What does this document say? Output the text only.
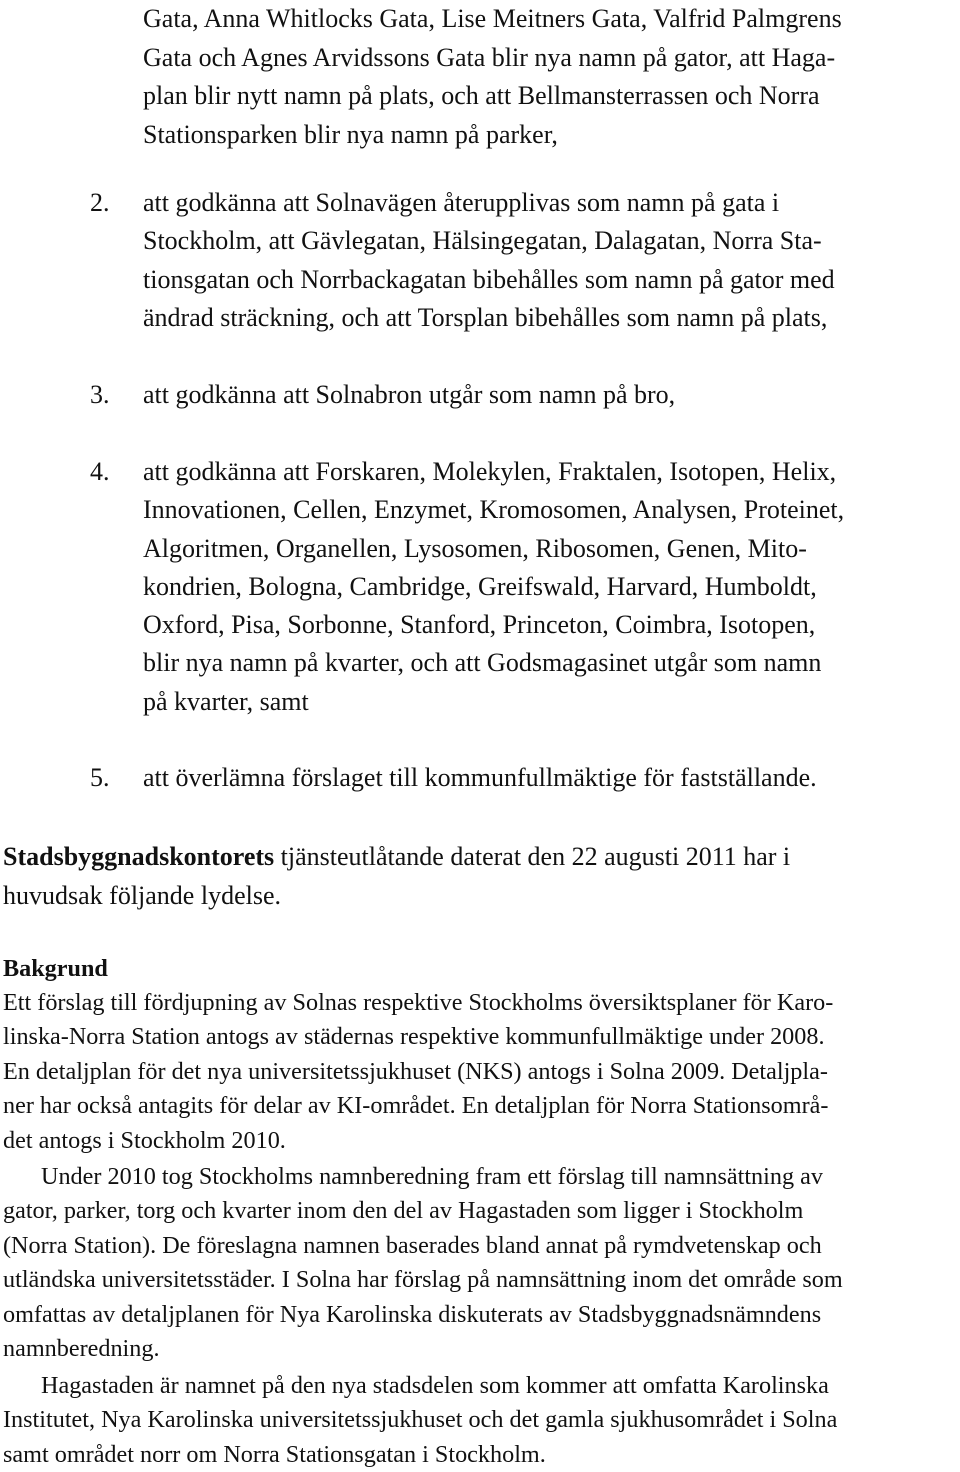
Gata, Anna Whitlocks Gata, Lise Meitners Gata, Valfrid Palmgrens
Gata och Agnes Arvidssons Gata blir nya namn på gator, att Haga-
plan blir nytt namn på plats, och att Bellmansterrassen och Norra
Stationsparken blir nya namn på parker,
2.	att godkänna att Solnavägen återupplivas som namn på gata i
Stockholm, att Gävlegatan, Hälsingegatan, Dalagatan, Norra Sta-
tionsgatan och Norrbackagatan bibehålles som namn på gator med
ändrad sträckning, och att Torsplan bibehålles som namn på plats,
3.	att godkänna att Solnabron utgår som namn på bro,
4.	att godkänna att Forskaren, Molekylen, Fraktalen, Isotopen, Helix,
Innovationen, Cellen, Enzymet, Kromosomen, Analysen, Proteinet,
Algoritmen, Organellen, Lysosomen, Ribosomen, Genen, Mito-
kondrien, Bologna, Cambridge, Greifswald, Harvard, Humboldt,
Oxford, Pisa, Sorbonne, Stanford, Princeton, Coimbra, Isotopen,
blir nya namn på kvarter, och att Godsmagasinet utgår som namn
på kvarter, samt
5.	att överlämna förslaget till kommunfullmäktige för fastställande.
Stadsbyggnadskontorets tjänsteutlåtande daterat den 22 augusti 2011 har i
huvudsak följande lydelse.
Bakgrund
Ett förslag till fördjupning av Solnas respektive Stockholms översiktsplaner för Karo-
linska-Norra Station antogs av städernas respektive kommunfullmäktige under 2008.
En detaljplan för det nya universitetssjukhuset (NKS) antogs i Solna 2009. Detaljpla-
ner har också antagits för delar av KI-området. En detaljplan för Norra Stationsområ-
det antogs i Stockholm 2010.
Under 2010 tog Stockholms namnberedning fram ett förslag till namnsättning av
gator, parker, torg och kvarter inom den del av Hagastaden som ligger i Stockholm
(Norra Station). De föreslagna namnen baserades bland annat på rymdvetenskap och
utländska universitetsstäder. I Solna har förslag på namnsättning inom det område som
omfattas av detaljplanen för Nya Karolinska diskuterats av Stadsbyggnadsnämndens
namnberedning.
Hagastaden är namnet på den nya stadsdelen som kommer att omfatta Karolinska
Institutet, Nya Karolinska universitetssjukhuset och det gamla sjukhusområdet i Solna
samt området norr om Norra Stationsgatan i Stockholm.
